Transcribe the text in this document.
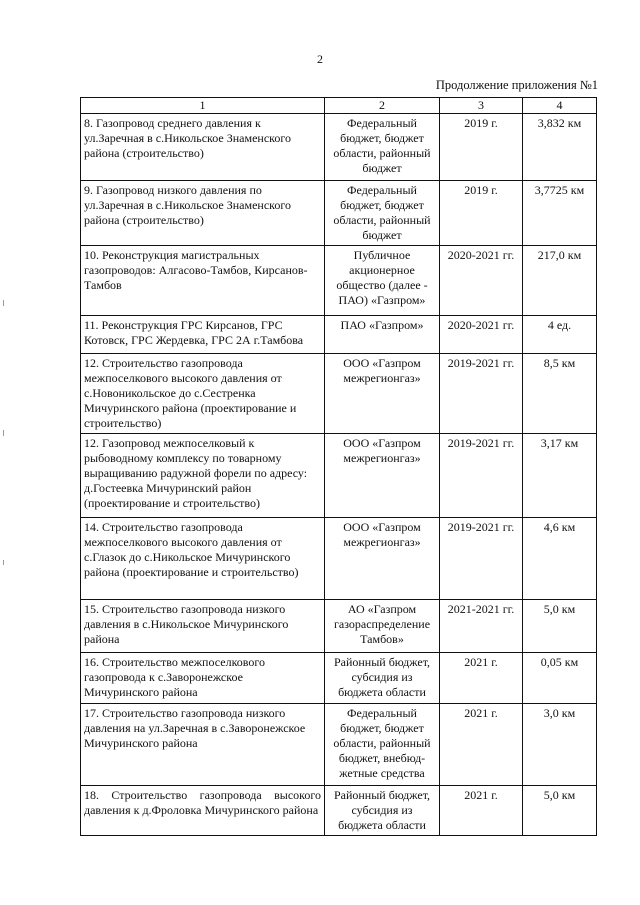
2
Продолжение приложения №1
1	2	3	4
8. Газопровод среднего давления к ул.Заречная в с.Никольское Знаменского района (строительство)	Федеральный бюджет, бюджет области, районный бюджет	2019 г.	3,832 км
9. Газопровод низкого давления по ул.Заречная в с.Никольское Знаменского района (строительство)	Федеральный бюджет, бюджет области, районный бюджет	2019 г.	3,7725 км
10. Реконструкция магистральных газопроводов: Алгасово-Тамбов, Кирсанов-Тамбов	Публичное акционерное общество (далее - ПАО) «Газпром»	2020-2021 гг.	217,0 км
11. Реконструкция ГРС Кирсанов, ГРС Котовск, ГРС Жердевка, ГРС 2А г.Тамбова	ПАО «Газпром»	2020-2021 гг.	4 ед.
12. Строительство газопровода межпоселкового высокого давления от с.Новоникольское до с.Сестренка Мичуринского района (проектирование и строительство)	ООО «Газпром межрегионгаз»	2019-2021 гг.	8,5 км
12. Газопровод межпоселковый к рыбоводному комплексу по товарному выращиванию радужной форели по адресу: д.Гостеевка Мичуринский район (проектирование и строительство)	ООО «Газпром межрегионгаз»	2019-2021 гг.	3,17 км
14. Строительство газопровода межпоселкового высокого давления от с.Глазок до с.Никольское Мичуринского района (проектирование и строительство)	ООО «Газпром межрегионгаз»	2019-2021 гг.	4,6 км
15. Строительство газопровода низкого давления в с.Никольское Мичуринского района	АО «Газпром газораспределение Тамбов»	2021-2021 гг.	5,0 км
16. Строительство межпоселкового газопровода к с.Заворонежское Мичуринского района	Районный бюджет, субсидия из бюджета области	2021 г.	0,05 км
17. Строительство газопровода низкого давления на ул.Заречная в с.Заворонежское Мичуринского района	Федеральный бюджет, бюджет области, районный бюджет, внебюд-жетные средства	2021 г.	3,0 км
18. Строительство газопровода высокого давления к д.Фроловка Мичуринского района	Районный бюджет, субсидия из бюджета области	2021 г.	5,0 км
